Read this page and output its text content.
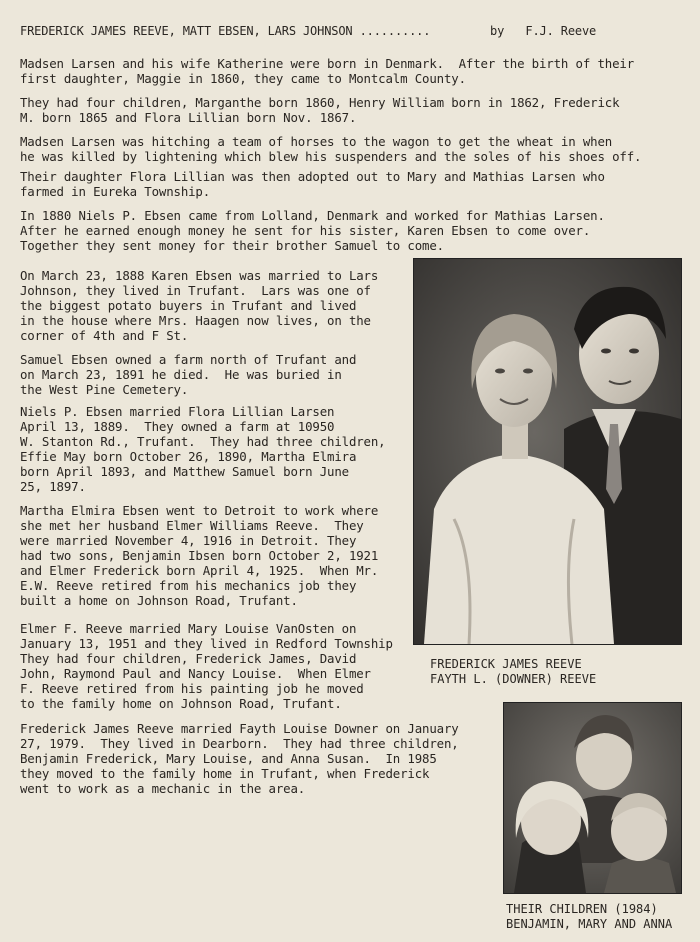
FREDERICK JAMES REEVE, MATT EBSEN, LARS JOHNSON ..........	by   F.J. Reeve
Madsen Larsen and his wife Katherine were born in Denmark.  After the birth of their
first daughter, Maggie in 1860, they came to Montcalm County.
They had four children, Marganthe born 1860, Henry William born in 1862, Frederick
M. born 1865 and Flora Lillian born Nov. 1867.
Madsen Larsen was hitching a team of horses to the wagon to get the wheat in when
he was killed by lightening which blew his suspenders and the soles of his shoes off.
Their daughter Flora Lillian was then adopted out to Mary and Mathias Larsen who
farmed in Eureka Township.
In 1880 Niels P. Ebsen came from Lolland, Denmark and worked for Mathias Larsen.
After he earned enough money he sent for his sister, Karen Ebsen to come over.
Together they sent money for their brother Samuel to come.
On March 23, 1888 Karen Ebsen was married to Lars
Johnson, they lived in Trufant.  Lars was one of
the biggest potato buyers in Trufant and lived
in the house where Mrs. Haagen now lives, on the
corner of 4th and F St.
Samuel Ebsen owned a farm north of Trufant and
on March 23, 1891 he died.  He was buried in
the West Pine Cemetery.
Niels P. Ebsen married Flora Lillian Larsen
April 13, 1889.  They owned a farm at 10950
W. Stanton Rd., Trufant.  They had three children,
Effie May born October 26, 1890, Martha Elmira
born April 1893, and Matthew Samuel born June
25, 1897.
Martha Elmira Ebsen went to Detroit to work where
she met her husband Elmer Williams Reeve.  They
were married November 4, 1916 in Detroit. They
had two sons, Benjamin Ibsen born October 2, 1921
and Elmer Frederick born April 4, 1925.  When Mr.
E.W. Reeve retired from his mechanics job they
built a home on Johnson Road, Trufant.
Elmer F. Reeve married Mary Louise VanOsten on
January 13, 1951 and they lived in Redford Township
They had four children, Frederick James, David
John, Raymond Paul and Nancy Louise.  When Elmer
F. Reeve retired from his painting job he moved
to the family home on Johnson Road, Trufant.
Frederick James Reeve married Fayth Louise Downer on January
27, 1979.  They lived in Dearborn.  They had three children,
Benjamin Frederick, Mary Louise, and Anna Susan.  In 1985
they moved to the family home in Trufant, when Frederick
went to work as a mechanic in the area.
FREDERICK JAMES REEVE
FAYTH L. (DOWNER) REEVE
THEIR CHILDREN (1984)
BENJAMIN, MARY AND ANNA
